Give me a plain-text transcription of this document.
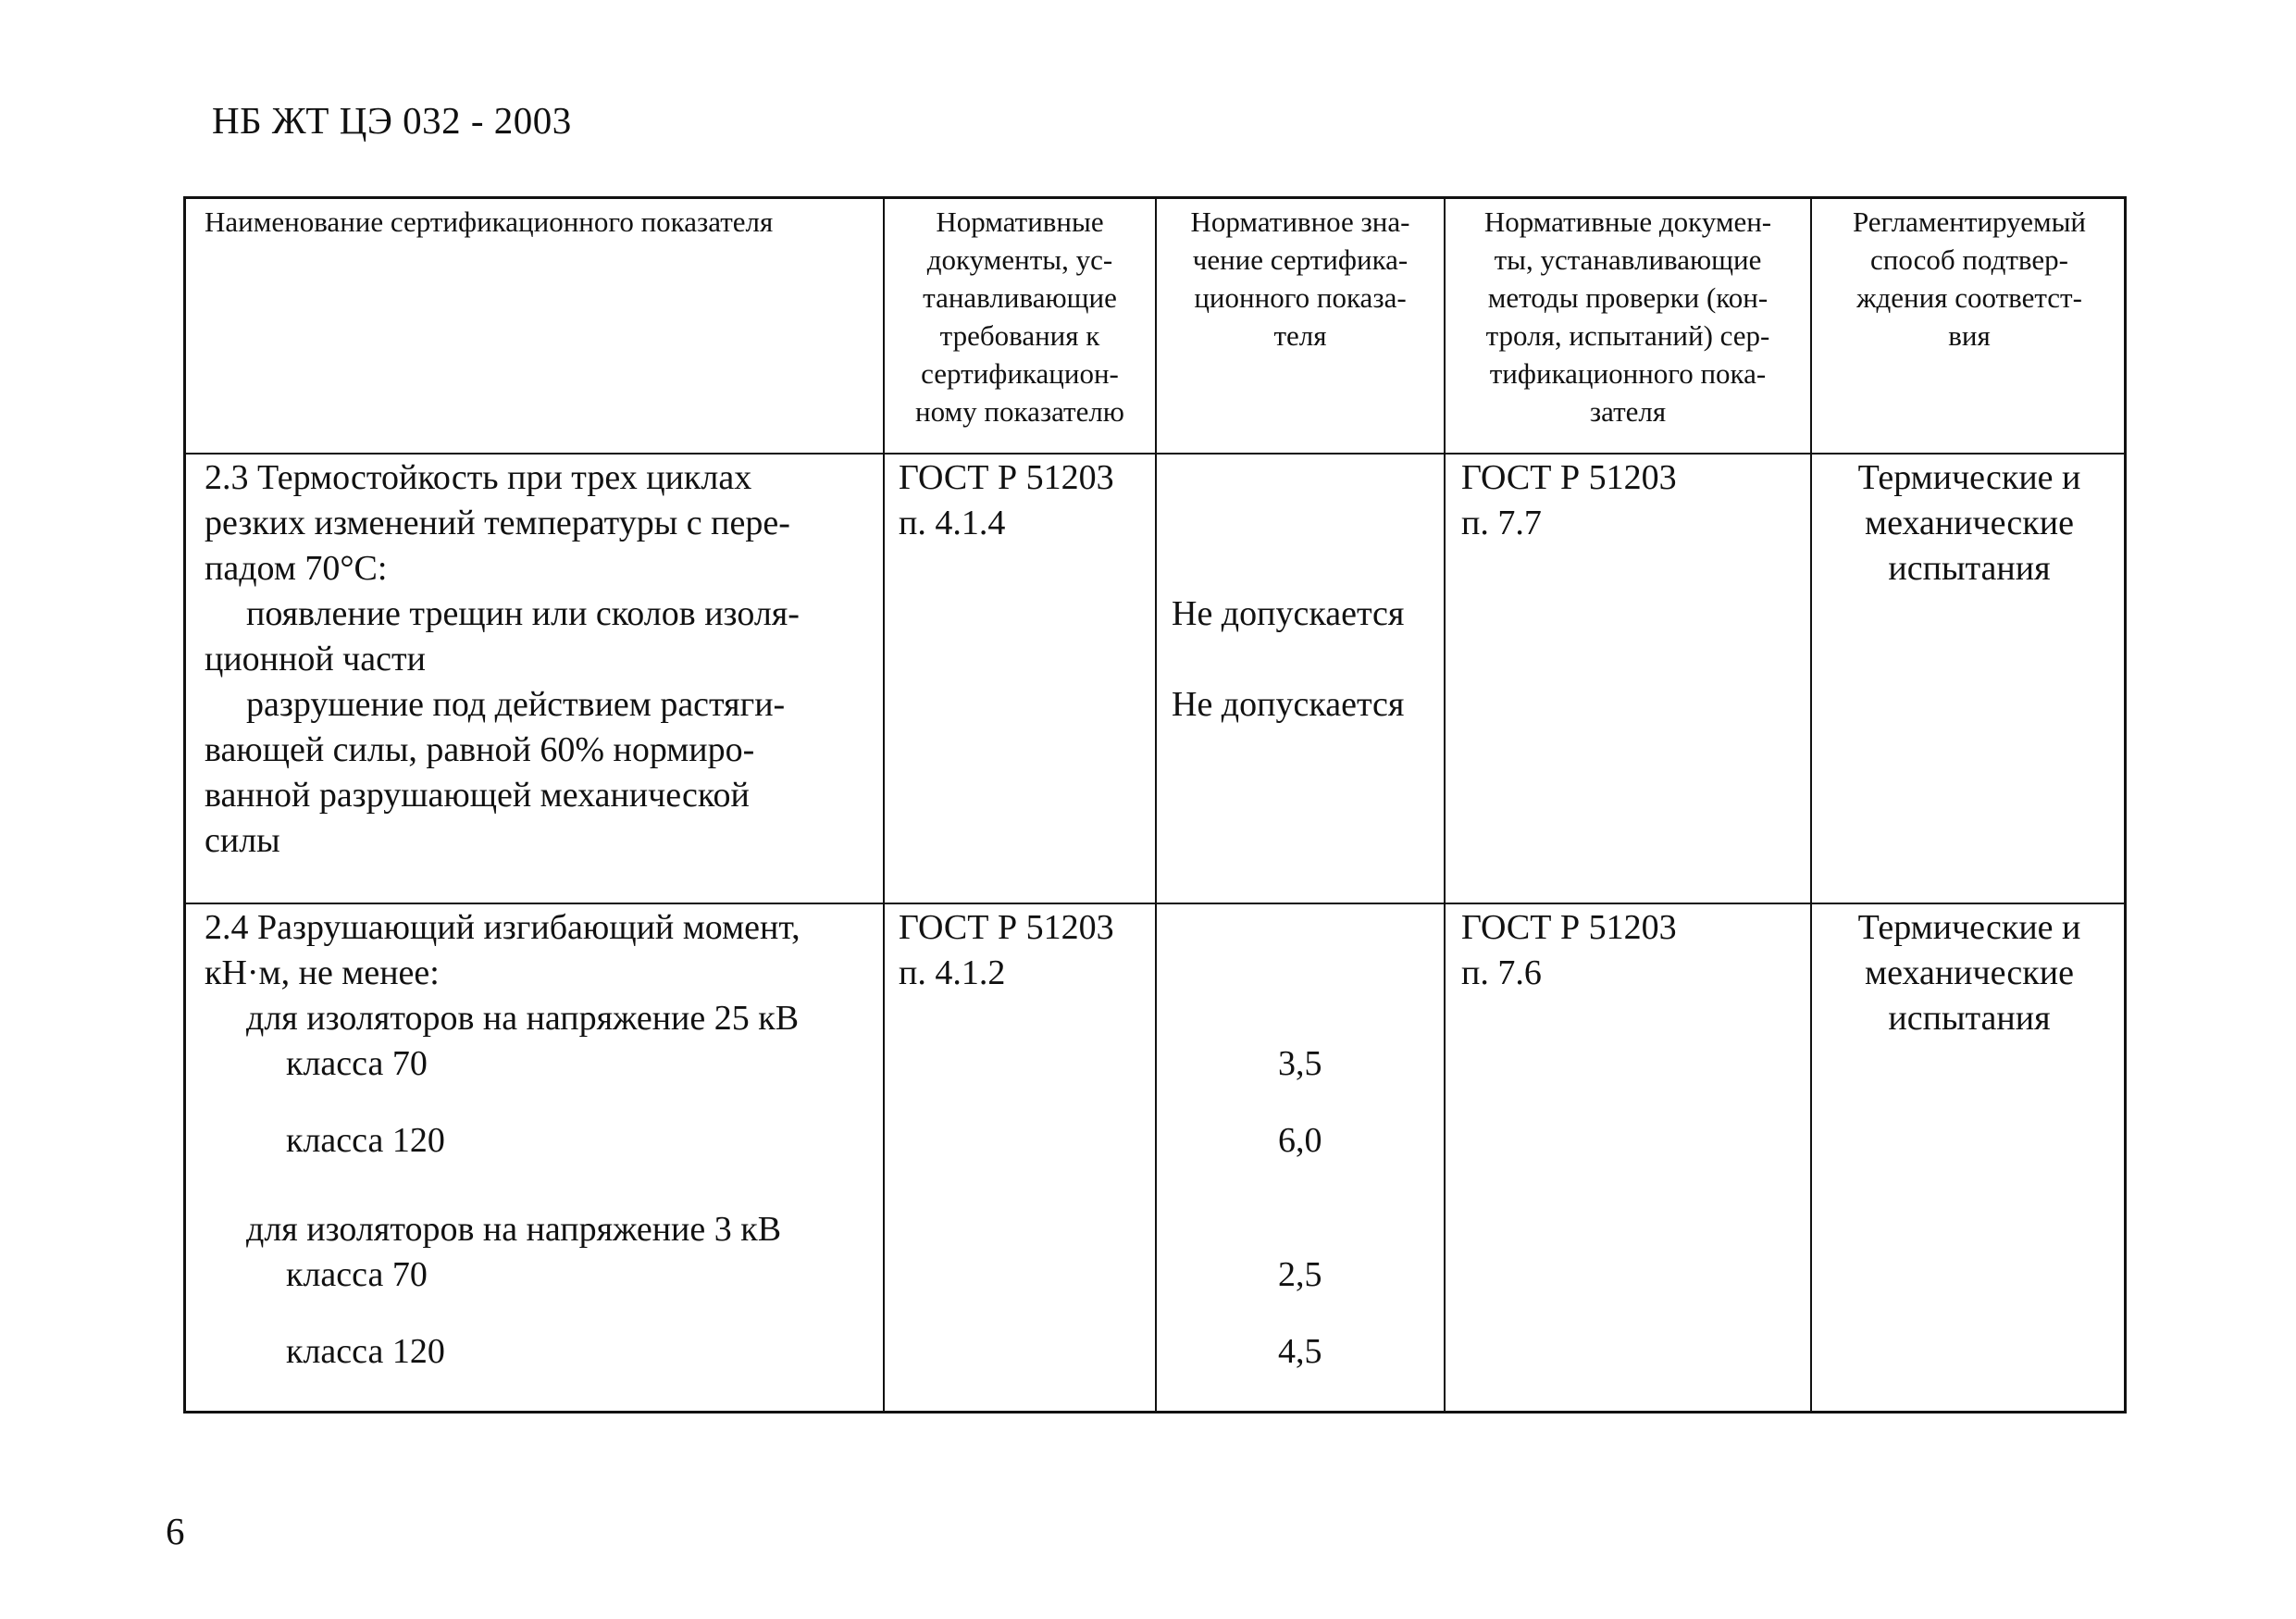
НБ ЖТ ЦЭ 032 - 2003
Наименование сертификационного показателя	Нормативные
документы, ус-
танавливающие
требования к
сертификацион-
ному показателю
Нормативное зна-
чение сертифика-
ционного показа-
теля
Нормативные докумен-
ты, устанавливающие
методы проверки (кон-
троля, испытаний) сер-
тификационного пока-
зателя
Регламентируемый
способ подтвер-
ждения соответст-
вия
2.3 Термостойкость при трех циклах
резких изменений температуры с пере-
падом 70°С:
появление трещин или сколов изоля-
ционной части
разрушение под действием растяги-
вающей силы, равной 60% нормиро-
ванной разрушающей механической
силы
ГОСТ Р 51203
п. 4.1.4
Не допускается
Не допускается
ГОСТ Р 51203
п. 7.7
Термические и
механические
испытания
2.4 Разрушающий изгибающий момент,
кН·м, не менее:
для изоляторов на напряжение 25 кВ
класса 70
класса 120
для изоляторов на напряжение 3 кВ
класса 70
класса 120
ГОСТ Р 51203
п. 4.1.2
3,5
6,0
2,5
4,5
ГОСТ Р 51203
п. 7.6
Термические и
механические
испытания
6
